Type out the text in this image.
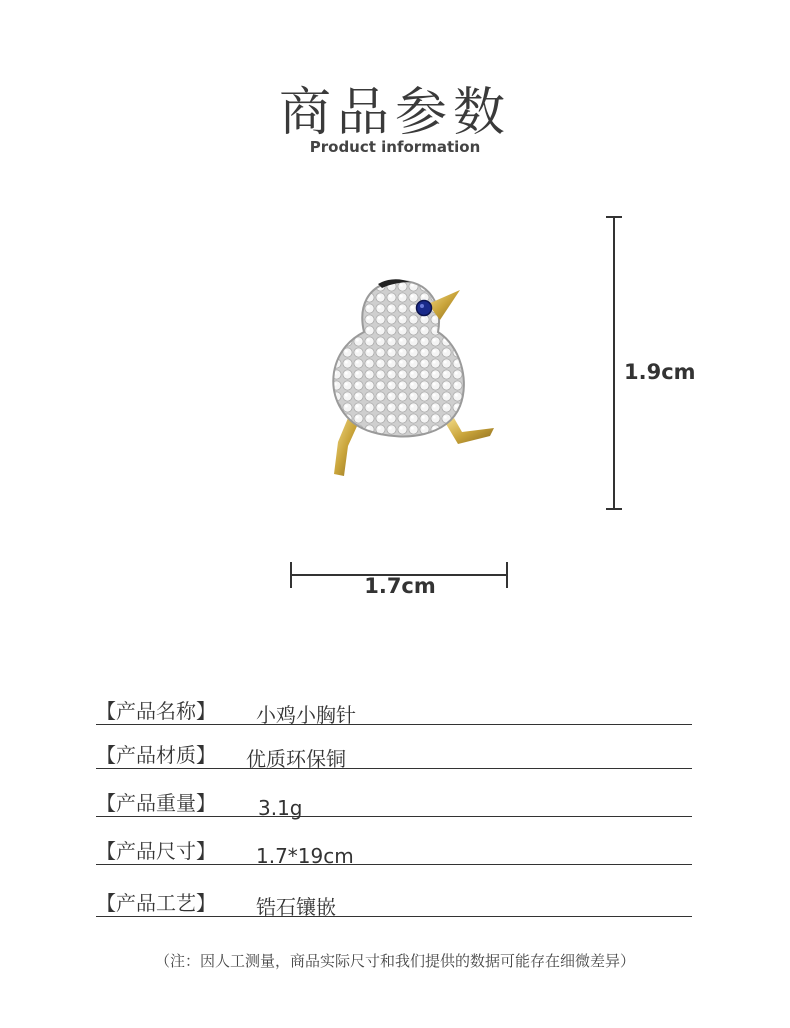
商品参数
Product information
1.9cm
1.7cm
【产品名称】 小鸡小胸针
【产品材质】 优质环保铜
【产品重量】 3.1g
【产品尺寸】 1.7*19cm
【产品工艺】 锆石镶嵌
（注：因人工测量，商品实际尺寸和我们提供的数据可能存在细微差异）
